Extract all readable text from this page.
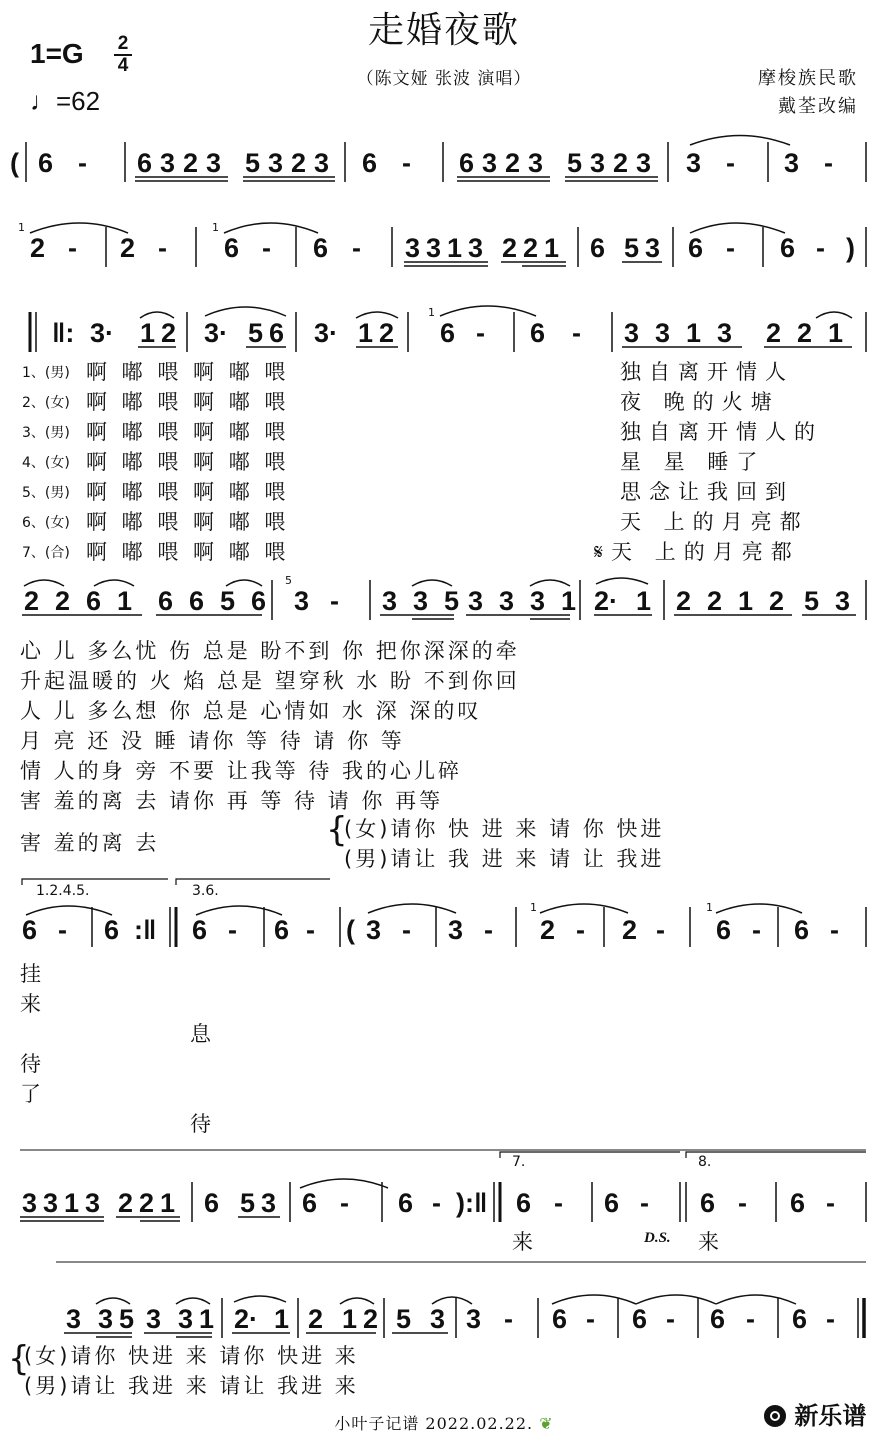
走婚夜歌
（陈文娅 张波 演唱）
1=G	2
4
♩=62
摩梭族民歌
戴荃改编
( 6 - 6323 5323 6 - 6323 5323 3 - 3 -
1
2 - 2 -
1
6 - 6 - 3313 221 6 53 6 - 6 - )
‖: 3· 12 3· 56 3· 12
1
6 - 6 - 3313 221
1、(男) 啊 嘟 喂 啊 嘟 喂	独自离开情人
2、(女) 啊 嘟 喂 啊 嘟 喂	夜 晚的火塘
3、(男) 啊 嘟 喂 啊 嘟 喂	独自离开情人的
4、(女) 啊 嘟 喂 啊 嘟 喂	星 星 睡了
5、(男) 啊 嘟 喂 啊 嘟 喂	思念让我回到
6、(女) 啊 嘟 喂 啊 嘟 喂	天 上的月亮都
7、(合) 啊 嘟 喂 啊 嘟 喂	𝄋天 上的月亮都
2261 6656
5
3 - 335
3331 2· 1 2212 53
心 儿 多么忧 伤 总是 盼不到 你 把你深深的牵
升起温暖的 火 焰 总是 望穿秋 水 盼 不到你回
人 儿 多么想 你 总是 心情如 水 深 深的叹
月 亮 还 没 睡 请你 等 待 请 你 等
情 人的身 旁 不要 让我等 待 我的心儿碎
害 羞的离 去 请你 再 等 待 请 你 再等
害 羞的离 去	{
(女)请你 快 进 来 请 你 快进
(男)请让 我 进 来 请 让 我进
1.2.4.5.	3.6.
6 - 6 :‖ 6 - 6 - ( 3 - 3 -
1
2 - 2 -
1
6 - 6 -
挂
来
息
待
了
待
7.	8.
3313 221 6 53 6 - 6 - ):‖ 6 - 6 - 6 - 6 -
来	D.S. 来
3 35 3 31 2· 1 2 12 5 3 3 - 6 - 6 - 6 - 6 -
{
(女)请你 快进 来 请你 快进 来
(男)请让 我进 来 请让 我进 来
小叶子记谱 2022.02.22. ❦	新乐谱
